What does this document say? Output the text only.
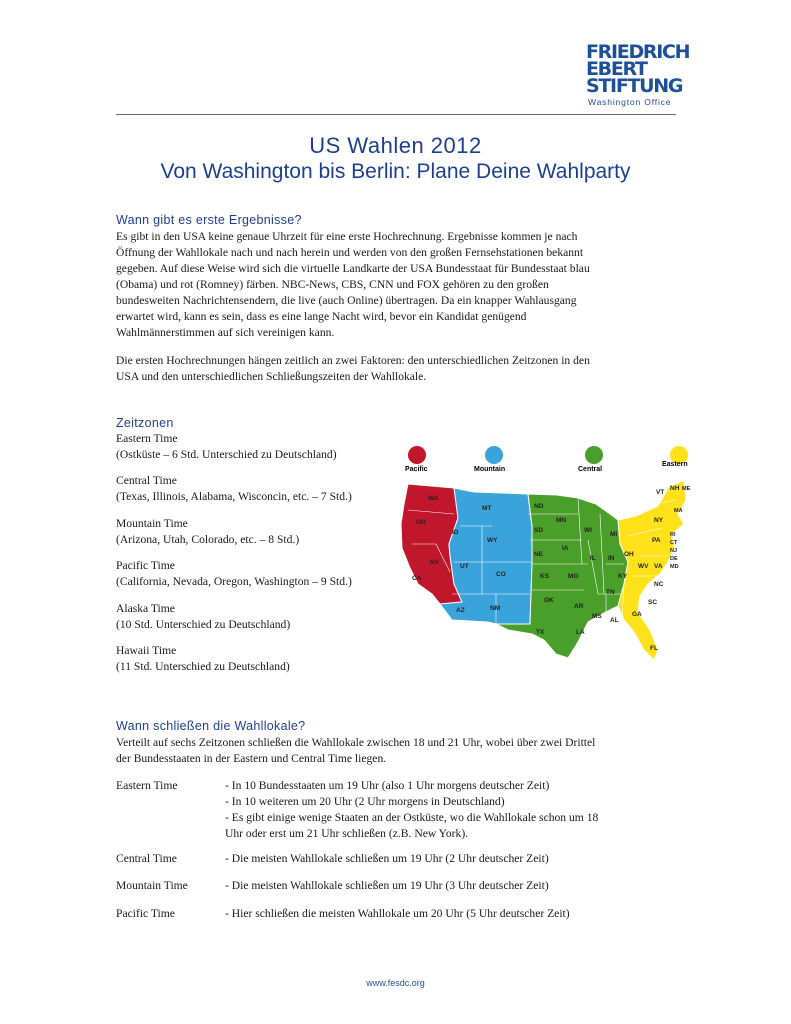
FRIEDRICH
EBERT
STIFTUNG
Washington Office
US Wahlen 2012
Von Washington bis Berlin: Plane Deine Wahlparty
Wann gibt es erste Ergebnisse?
Es gibt in den USA keine genaue Uhrzeit für eine erste Hochrechnung. Ergebnisse kommen je nach
Öffnung der Wahllokale nach und nach herein und werden von den großen Fernsehstationen bekannt
gegeben. Auf diese Weise wird sich die virtuelle Landkarte der USA Bundesstaat für Bundesstaat blau
(Obama) und rot (Romney) färben. NBC-News, CBS, CNN und FOX gehören zu den großen
bundesweiten Nachrichtensendern, die live (auch Online) übertragen. Da ein knapper Wahlausgang
erwartet wird, kann es sein, dass es eine lange Nacht wird, bevor ein Kandidat genügend
Wahlmännerstimmen auf sich vereinigen kann.
Die ersten Hochrechnungen hängen zeitlich an zwei Faktoren: den unterschiedlichen Zeitzonen in den
USA und den unterschiedlichen Schließungszeiten der Wahllokale.
Zeitzonen
Eastern Time
(Ostküste – 6 Std. Unterschied zu Deutschland)
Central Time
(Texas, Illinois, Alabama, Wisconcin, etc. – 7 Std.)
Mountain Time
(Arizona, Utah, Colorado, etc. – 8 Std.)
Pacific Time
(California, Nevada, Oregon, Washington – 9 Std.)
Alaska Time
(10 Std. Unterschied zu Deutschland)
Hawaii Time
(11 Std. Unterschied zu Deutschland)
Pacific	Mountain	Central
Eastern
WA
OR
NV
CA
ID
MT
WY
UT
CO
AZ	NM
ND
SD
NE
KS
OK
TX
MN
IA
MO
AR
LA
WI
IL
MS
AL
TN
IN
MI
OH
KY
WV
PA
NY
VA
NC
SC
GA
FL
VT
NH ME
MA
RI
CT
NJ
DE
MD
Wann schließen die Wahllokale?
Verteilt auf sechs Zeitzonen schließen die Wahllokale zwischen 18 und 21 Uhr, wobei über zwei Drittel
der Bundesstaaten in der Eastern und Central Time liegen.
Eastern Time	- In 10 Bundesstaaten um 19 Uhr (also 1 Uhr morgens deutscher Zeit)
- In 10 weiteren um 20 Uhr (2 Uhr morgens in Deutschland)
- Es gibt einige wenige Staaten an der Ostküste, wo die Wahllokale schon um 18
Uhr oder erst um 21 Uhr schließen (z.B. New York).
Central Time	- Die meisten Wahllokale schließen um 19 Uhr (2 Uhr deutscher Zeit)
Mountain Time	- Die meisten Wahllokale schließen um 19 Uhr (3 Uhr deutscher Zeit)
Pacific Time	- Hier schließen die meisten Wahllokale um 20 Uhr (5 Uhr deutscher Zeit)
www.fesdc.org
